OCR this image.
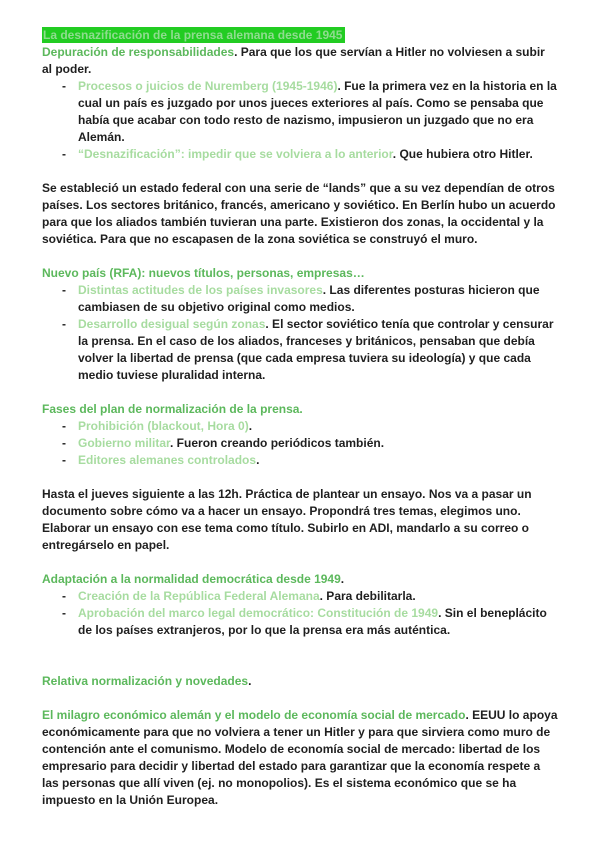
La desnazificación de la prensa alemana desde 1945

Depuración de responsabilidades. Para que los que servían a Hitler no volviesen a subir al poder.

- Procesos o juicios de Nuremberg (1945-1946). Fue la primera vez en la historia en la cual un país es juzgado por unos jueces exteriores al país. Como se pensaba que había que acabar con todo resto de nazismo, impusieron un juzgado que no era Alemán.
- “Desnazificación”: impedir que se volviera a lo anterior. Que hubiera otro Hitler.

Se estableció un estado federal con una serie de “lands” que a su vez dependían de otros países. Los sectores británico, francés, americano y soviético. En Berlín hubo un acuerdo para que los aliados también tuvieran una parte. Existieron dos zonas, la occidental y la soviética. Para que no escapasen de la zona soviética se construyó el muro.

Nuevo país (RFA): nuevos títulos, personas, empresas…

- Distintas actitudes de los países invasores. Las diferentes posturas hicieron que cambiasen de su objetivo original como medios.
- Desarrollo desigual según zonas. El sector soviético tenía que controlar y censurar la prensa. En el caso de los aliados, franceses y británicos, pensaban que debía volver la libertad de prensa (que cada empresa tuviera su ideología) y que cada medio tuviese pluralidad interna.

Fases del plan de normalización de la prensa.

- Prohibición (blackout, Hora 0).
- Gobierno militar. Fueron creando periódicos también.
- Editores alemanes controlados.

Hasta el jueves siguiente a las 12h. Práctica de plantear un ensayo. Nos va a pasar un documento sobre cómo va a hacer un ensayo. Propondrá tres temas, elegimos uno. Elaborar un ensayo con ese tema como título. Subirlo en ADI, mandarlo a su correo o entregárselo en papel.

Adaptación a la normalidad democrática desde 1949.

- Creación de la República Federal Alemana. Para debilitarla.
- Aprobación del marco legal democrático: Constitución de 1949. Sin el beneplácito de los países extranjeros, por lo que la prensa era más auténtica.

Relativa normalización y novedades.

El milagro económico alemán y el modelo de economía social de mercado. EEUU lo apoya económicamente para que no volviera a tener un Hitler y para que sirviera como muro de contención ante el comunismo. Modelo de economía social de mercado: libertad de los empresario para decidir y libertad del estado para garantizar que la economía respete a las personas que allí viven (ej. no monopolios). Es el sistema económico que se ha impuesto en la Unión Europea.
